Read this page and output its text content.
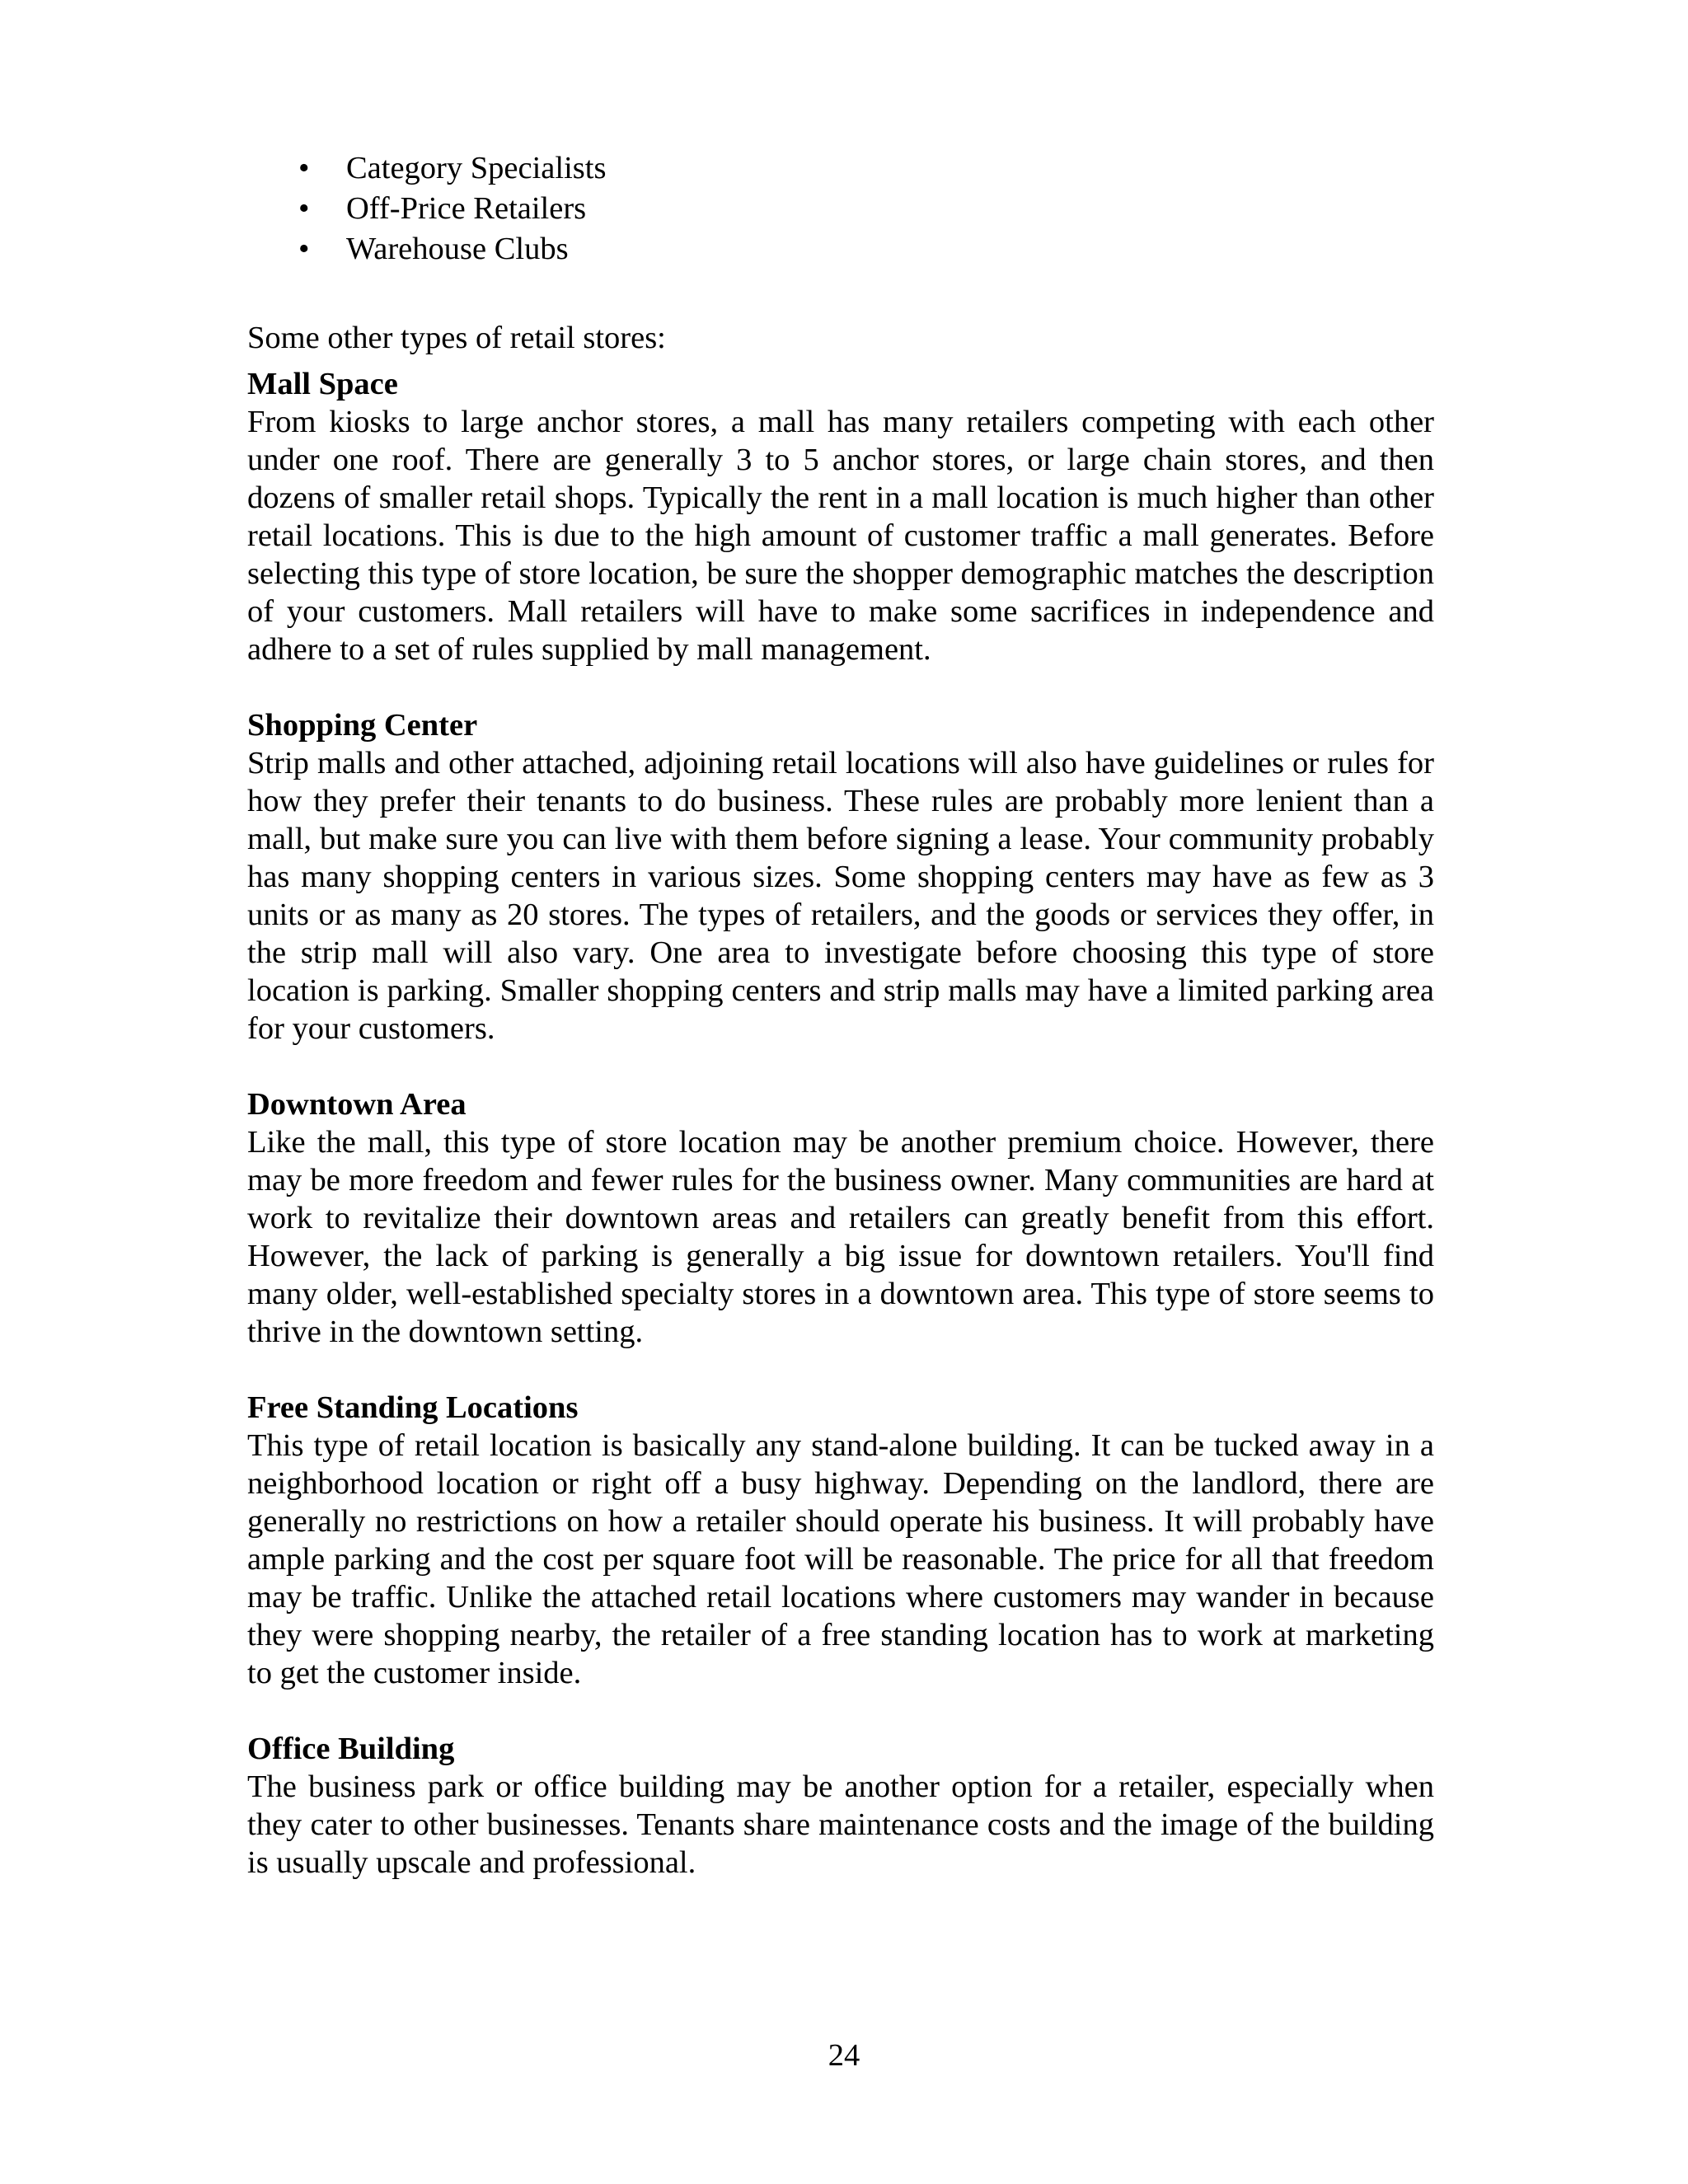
• Category Specialists
• Off-Price Retailers
• Warehouse Clubs

Some other types of retail stores:

Mall Space

From kiosks to large anchor stores, a mall has many retailers competing with each other under one roof. There are generally 3 to 5 anchor stores, or large chain stores, and then dozens of smaller retail shops. Typically the rent in a mall location is much higher than other retail locations. This is due to the high amount of customer traffic a mall generates. Before selecting this type of store location, be sure the shopper demographic matches the description of your customers. Mall retailers will have to make some sacrifices in independence and adhere to a set of rules supplied by mall management.

Shopping Center

Strip malls and other attached, adjoining retail locations will also have guidelines or rules for how they prefer their tenants to do business. These rules are probably more lenient than a mall, but make sure you can live with them before signing a lease. Your community probably has many shopping centers in various sizes. Some shopping centers may have as few as 3 units or as many as 20 stores. The types of retailers, and the goods or services they offer, in the strip mall will also vary. One area to investigate before choosing this type of store location is parking. Smaller shopping centers and strip malls may have a limited parking area for your customers.

Downtown Area

Like the mall, this type of store location may be another premium choice. However, there may be more freedom and fewer rules for the business owner. Many communities are hard at work to revitalize their downtown areas and retailers can greatly benefit from this effort. However, the lack of parking is generally a big issue for downtown retailers. You'll find many older, well-established specialty stores in a downtown area. This type of store seems to thrive in the downtown setting.

Free Standing Locations

This type of retail location is basically any stand-alone building. It can be tucked away in a neighborhood location or right off a busy highway. Depending on the landlord, there are generally no restrictions on how a retailer should operate his business. It will probably have ample parking and the cost per square foot will be reasonable. The price for all that freedom may be traffic. Unlike the attached retail locations where customers may wander in because they were shopping nearby, the retailer of a free standing location has to work at marketing to get the customer inside.

Office Building

The business park or office building may be another option for a retailer, especially when they cater to other businesses. Tenants share maintenance costs and the image of the building is usually upscale and professional.

24
